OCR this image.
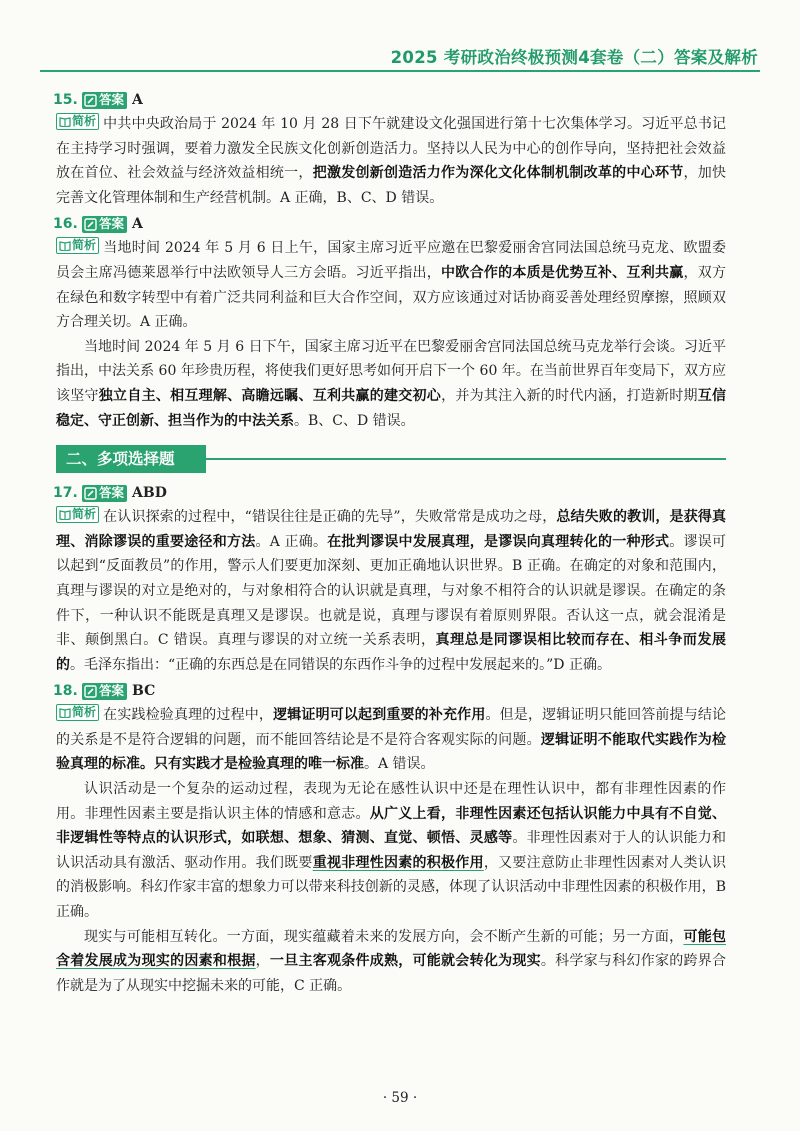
2025 考研政治终极预测4套卷（二）答案及解析
15.	答案 A

简析 中共中央政治局于 2024 年 10 月 28 日下午就建设文化强国进行第十七次集体学习。习近平总书记在主持学习时强调，要着力激发全民族文化创新创造活力。坚持以人民为中心的创作导向，坚持把社会效益放在首位、社会效益与经济效益相统一，把激发创新创造活力作为深化文化体制机制改革的中心环节，加快完善文化管理体制和生产经营机制。A 正确，B、C、D 错误。

16.	答案 A

简析 当地时间 2024 年 5 月 6 日上午，国家主席习近平应邀在巴黎爱丽舍宫同法国总统马克龙、欧盟委员会主席冯德莱恩举行中法欧领导人三方会晤。习近平指出，中欧合作的本质是优势互补、互利共赢，双方在绿色和数字转型中有着广泛共同利益和巨大合作空间，双方应该通过对话协商妥善处理经贸摩擦，照顾双方合理关切。A 正确。

当地时间 2024 年 5 月 6 日下午，国家主席习近平在巴黎爱丽舍宫同法国总统马克龙举行会谈。习近平指出，中法关系 60 年珍贵历程，将使我们更好思考如何开启下一个 60 年。在当前世界百年变局下，双方应该坚守独立自主、相互理解、高瞻远瞩、互利共赢的建交初心，并为其注入新的时代内涵，打造新时期互信稳定、守正创新、担当作为的中法关系。B、C、D 错误。

二、多项选择题
17.	答案 ABD

简析 在认识探索的过程中，“错误往往是正确的先导”，失败常常是成功之母，总结失败的教训，是获得真理、消除谬误的重要途径和方法。A 正确。在批判谬误中发展真理，是谬误向真理转化的一种形式。谬误可以起到“反面教员”的作用，警示人们要更加深刻、更加正确地认识世界。B 正确。在确定的对象和范围内，真理与谬误的对立是绝对的，与对象相符合的认识就是真理，与对象不相符合的认识就是谬误。在确定的条件下，一种认识不能既是真理又是谬误。也就是说，真理与谬误有着原则界限。否认这一点，就会混淆是非、颠倒黑白。C 错误。真理与谬误的对立统一关系表明，真理总是同谬误相比较而存在、相斗争而发展的。毛泽东指出：“正确的东西总是在同错误的东西作斗争的过程中发展起来的。”D 正确。

18.	答案 BC

简析 在实践检验真理的过程中，逻辑证明可以起到重要的补充作用。但是，逻辑证明只能回答前提与结论的关系是不是符合逻辑的问题，而不能回答结论是不是符合客观实际的问题。逻辑证明不能取代实践作为检验真理的标准。只有实践才是检验真理的唯一标准。A 错误。

认识活动是一个复杂的运动过程，表现为无论在感性认识中还是在理性认识中，都有非理性因素的作用。非理性因素主要是指认识主体的情感和意志。从广义上看，非理性因素还包括认识能力中具有不自觉、非逻辑性等特点的认识形式，如联想、想象、猜测、直觉、顿悟、灵感等。非理性因素对于人的认识能力和认识活动具有激活、驱动作用。我们既要重视非理性因素的积极作用，又要注意防止非理性因素对人类认识的消极影响。科幻作家丰富的想象力可以带来科技创新的灵感，体现了认识活动中非理性因素的积极作用，B 正确。

现实与可能相互转化。一方面，现实蕴藏着未来的发展方向，会不断产生新的可能；另一方面，可能包含着发展成为现实的因素和根据，一旦主客观条件成熟，可能就会转化为现实。科学家与科幻作家的跨界合作就是为了从现实中挖掘未来的可能，C 正确。

· 59 ·
